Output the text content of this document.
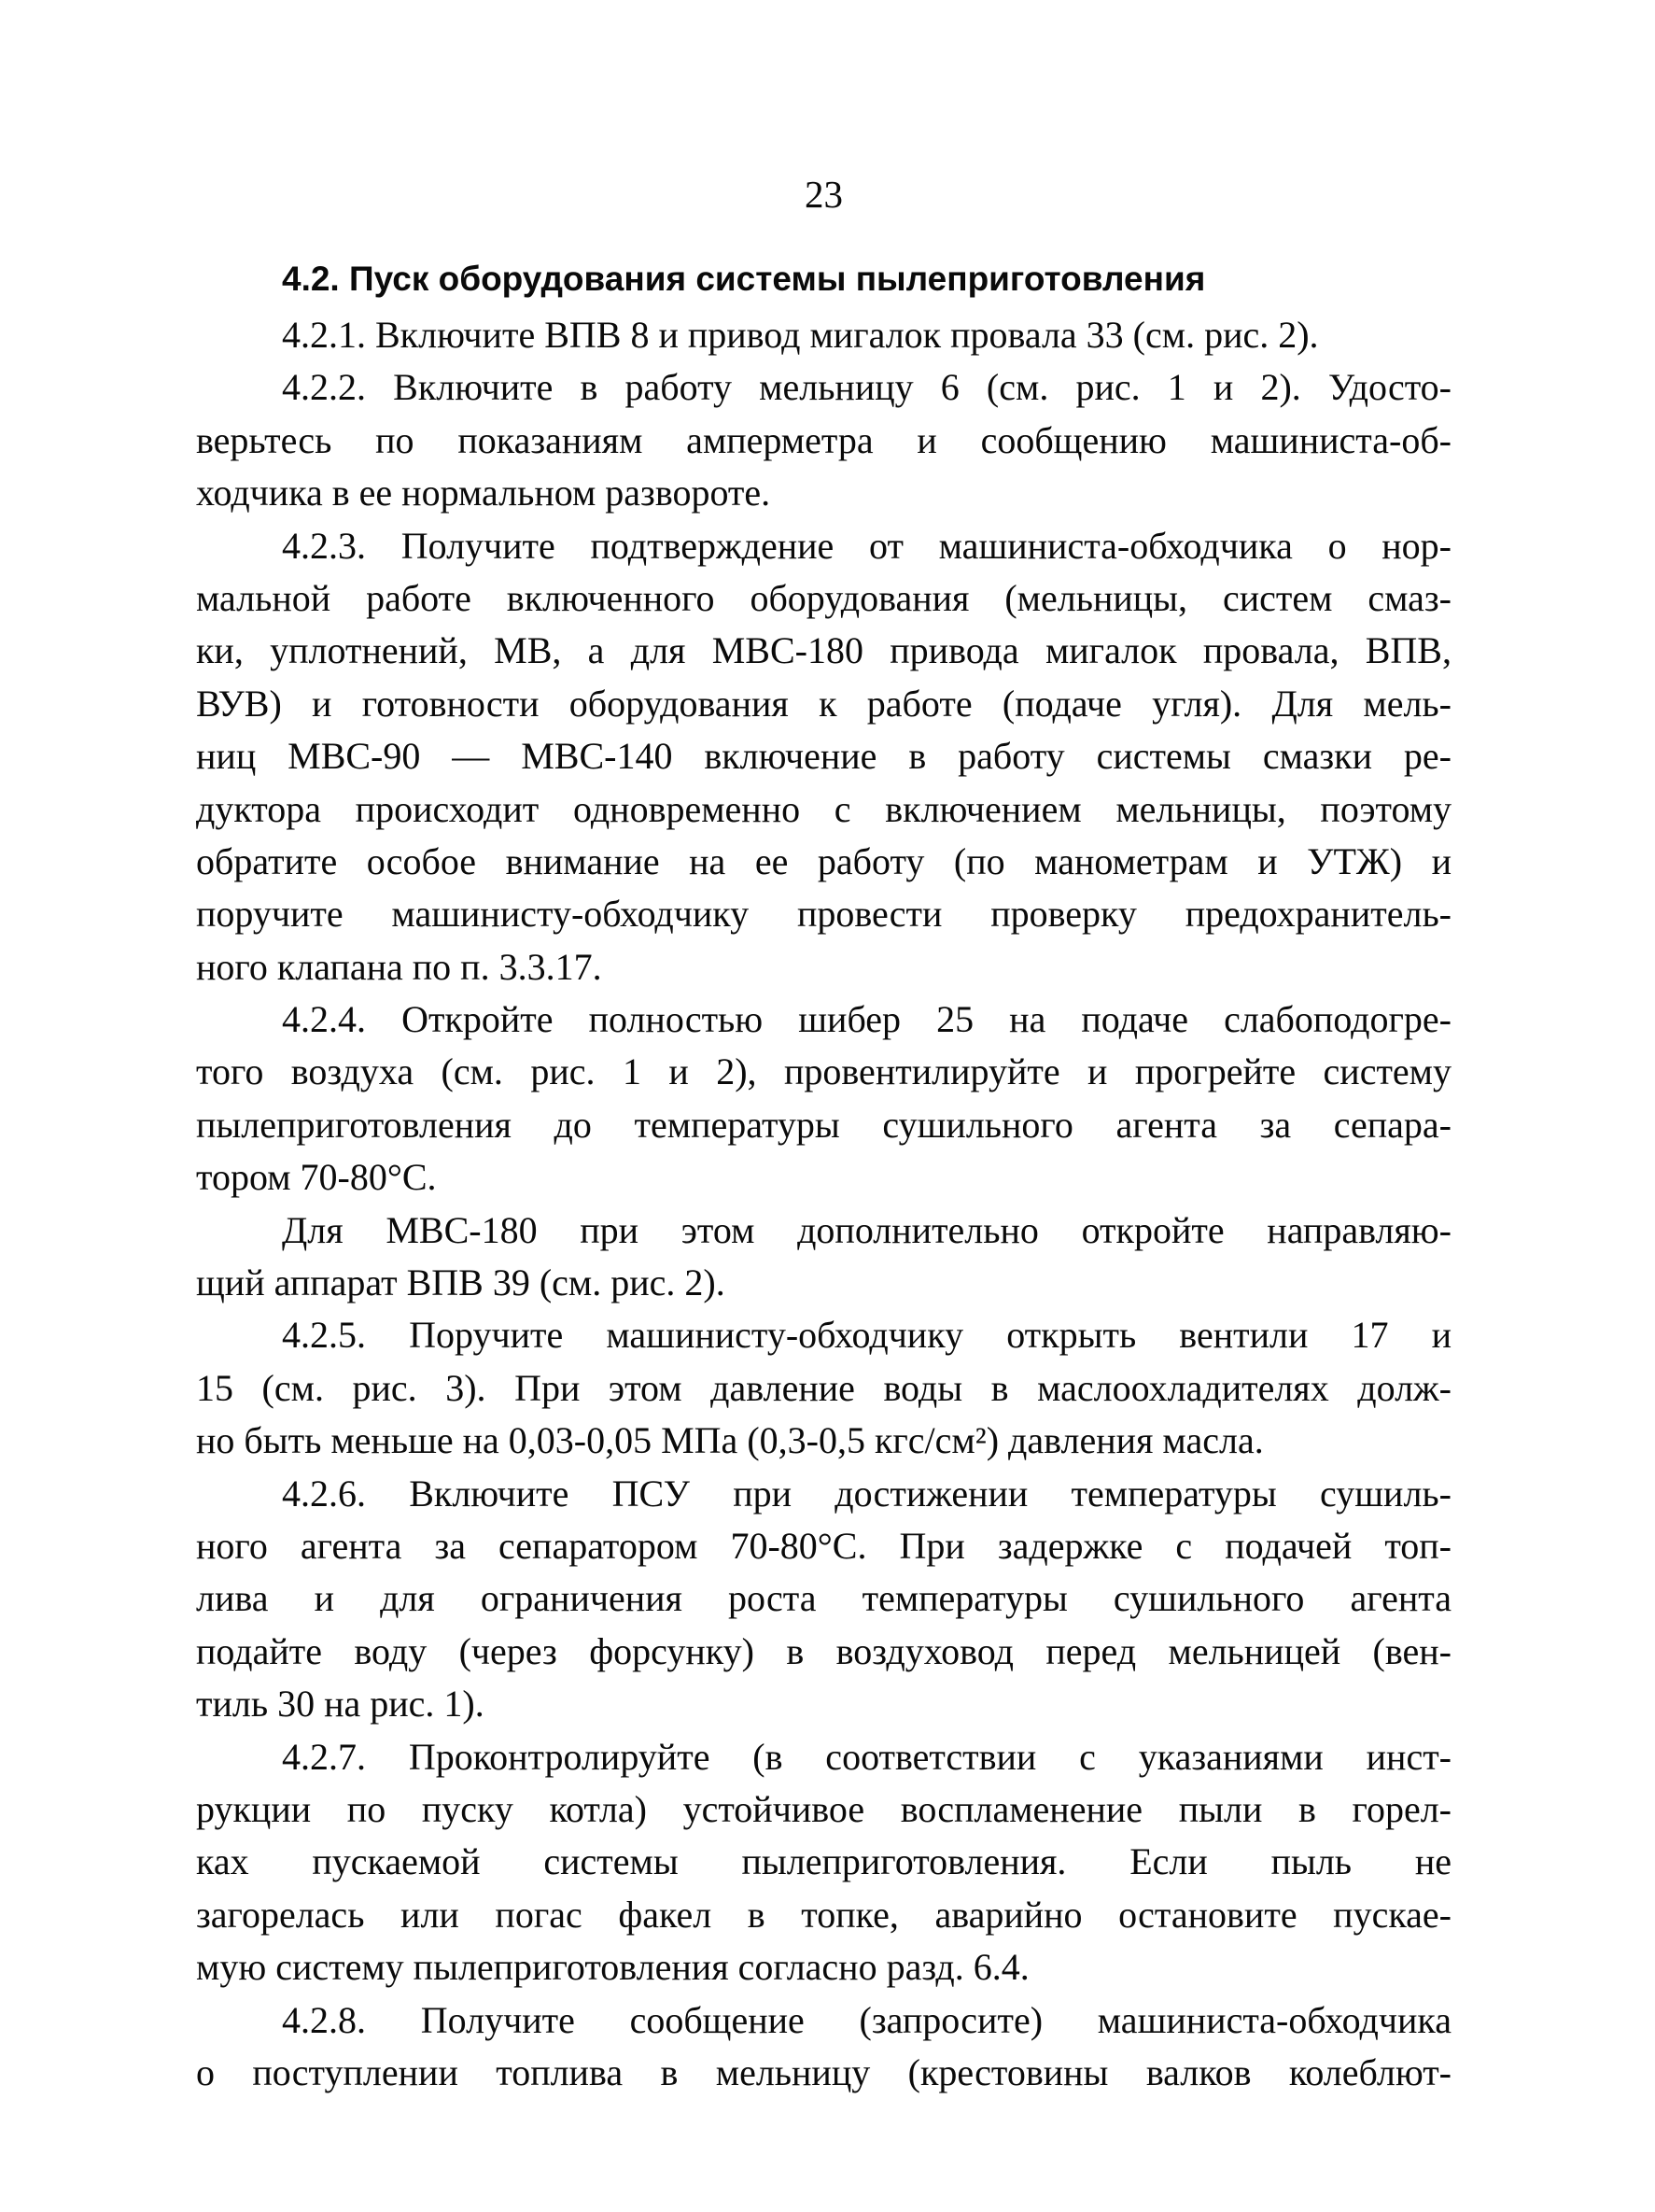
23
4.2. Пуск оборудования системы пылеприготовления
4.2.1. Включите ВПВ 8 и привод мигалок провала 33 (см. рис. 2).
4.2.2. Включите в работу мельницу 6 (см. рис. 1 и 2). Удосто-
верьтесь по показаниям амперметра и сообщению машиниста-об-
ходчика в ее нормальном развороте.
4.2.3. Получите подтверждение от машиниста-обходчика о нор-
мальной работе включенного оборудования (мельницы, систем смаз-
ки, уплотнений, МВ, а для МВС-180 привода мигалок провала, ВПВ,
ВУВ) и готовности оборудования к работе (подаче угля). Для мель-
ниц МВС-90 — МВС-140 включение в работу системы смазки ре-
дуктора происходит одновременно с включением мельницы, поэтому
обратите особое внимание на ее работу (по манометрам и УТЖ) и
поручите машинисту-обходчику провести проверку предохранитель-
ного клапана по п. 3.3.17.
4.2.4. Откройте полностью шибер 25 на подаче слабоподогре-
того воздуха (см. рис. 1 и 2), провентилируйте и прогрейте систему
пылеприготовления до температуры сушильного агента за сепара-
тором 70-80°С.
Для МВС-180 при этом дополнительно откройте направляю-
щий аппарат ВПВ 39 (см. рис. 2).
4.2.5. Поручите машинисту-обходчику открыть вентили 17 и
15 (см. рис. 3). При этом давление воды в маслоохладителях долж-
но быть меньше на 0,03-0,05 МПа (0,3-0,5 кгс/см²) давления масла.
4.2.6. Включите ПСУ при достижении температуры сушиль-
ного агента за сепаратором 70-80°С. При задержке с подачей топ-
лива и для ограничения роста температуры сушильного агента
подайте воду (через форсунку) в воздуховод перед мельницей (вен-
тиль 30 на рис. 1).
4.2.7. Проконтролируйте (в соответствии с указаниями инст-
рукции по пуску котла) устойчивое воспламенение пыли в горел-
ках пускаемой системы пылеприготовления. Если пыль не
загорелась или погас факел в топке, аварийно остановите пускае-
мую систему пылеприготовления согласно разд. 6.4.
4.2.8. Получите сообщение (запросите) машиниста-обходчика
о поступлении топлива в мельницу (крестовины валков колеблют-
